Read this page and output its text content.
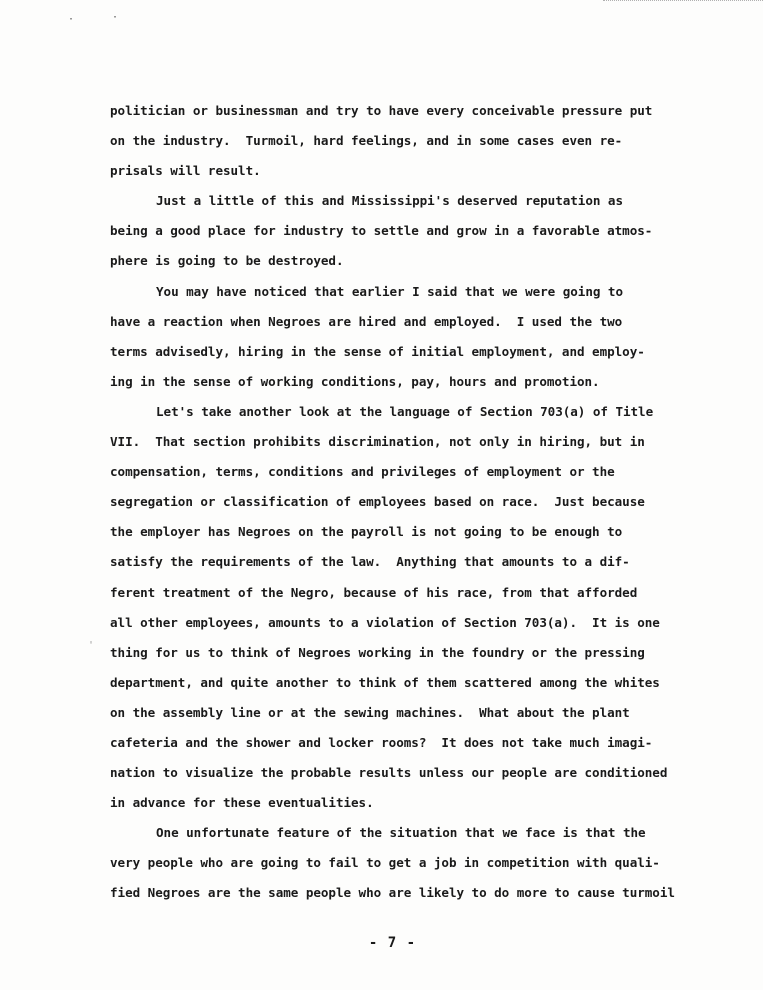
·	·
'
politician or businessman and try to have every conceivable pressure put
on the industry.  Turmoil, hard feelings, and in some cases even re-
prisals will result.
Just a little of this and Mississippi's deserved reputation as
being a good place for industry to settle and grow in a favorable atmos-
phere is going to be destroyed.
You may have noticed that earlier I said that we were going to
have a reaction when Negroes are hired and employed.  I used the two
terms advisedly, hiring in the sense of initial employment, and employ-
ing in the sense of working conditions, pay, hours and promotion.
Let's take another look at the language of Section 703(a) of Title
VII.  That section prohibits discrimination, not only in hiring, but in
compensation, terms, conditions and privileges of employment or the
segregation or classification of employees based on race.  Just because
the employer has Negroes on the payroll is not going to be enough to
satisfy the requirements of the law.  Anything that amounts to a dif-
ferent treatment of the Negro, because of his race, from that afforded
all other employees, amounts to a violation of Section 703(a).  It is one
thing for us to think of Negroes working in the foundry or the pressing
department, and quite another to think of them scattered among the whites
on the assembly line or at the sewing machines.  What about the plant
cafeteria and the shower and locker rooms?  It does not take much imagi-
nation to visualize the probable results unless our people are conditioned
in advance for these eventualities.
One unfortunate feature of the situation that we face is that the
very people who are going to fail to get a job in competition with quali-
fied Negroes are the same people who are likely to do more to cause turmoil
- 7 -
